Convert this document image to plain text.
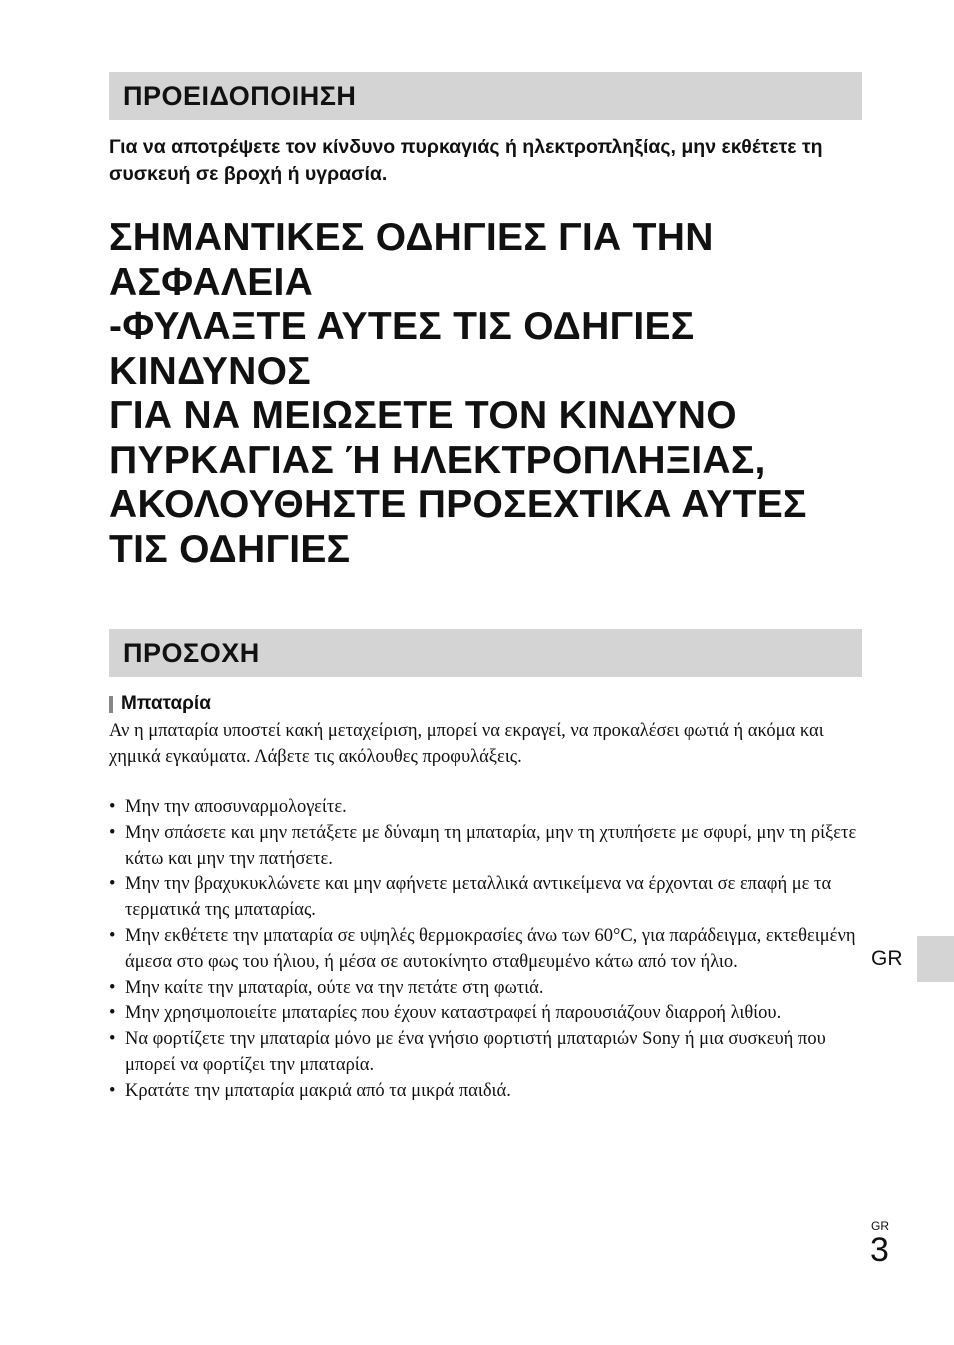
ΠΡΟΕΙΔΟΠΟΙΗΣΗ
Για να αποτρέψετε τον κίνδυνο πυρκαγιάς ή ηλεκτροπληξίας, μην εκθέτετε τη συσκευή σε βροχή ή υγρασία.
ΣΗΜΑΝΤΙΚΕΣ ΟΔΗΓΙΕΣ ΓΙΑ ΤΗΝ
ΑΣΦΑΛΕΙΑ
-ΦΥΛΑΞΤΕ ΑΥΤΕΣ ΤΙΣ ΟΔΗΓΙΕΣ
ΚΙΝΔΥΝΟΣ
ΓΙΑ ΝΑ ΜΕΙΩΣΕΤΕ ΤΟΝ ΚΙΝΔΥΝΟ
ΠΥΡΚΑΓΙΑΣ Ή ΗΛΕΚΤΡΟΠΛΗΞΙΑΣ,
ΑΚΟΛΟΥΘΗΣΤΕ ΠΡΟΣΕΧΤΙΚΑ ΑΥΤΕΣ
ΤΙΣ ΟΔΗΓΙΕΣ
ΠΡΟΣΟΧΗ
Μπαταρία
Αν η μπαταρία υποστεί κακή μεταχείριση, μπορεί να εκραγεί, να προκαλέσει φωτιά ή ακόμα και χημικά εγκαύματα. Λάβετε τις ακόλουθες προφυλάξεις.
• Μην την αποσυναρμολογείτε.
• Μην σπάσετε και μην πετάξετε με δύναμη τη μπαταρία, μην τη χτυπήσετε με σφυρί, μην τη ρίξετε κάτω και μην την πατήσετε.
• Μην την βραχυκυκλώνετε και μην αφήνετε μεταλλικά αντικείμενα να έρχονται σε επαφή με τα τερματικά της μπαταρίας.
• Μην εκθέτετε την μπαταρία σε υψηλές θερμοκρασίες άνω των 60°C, για παράδειγμα, εκτεθειμένη άμεσα στο φως του ήλιου, ή μέσα σε αυτοκίνητο σταθμευμένο κάτω από τον ήλιο.
• Μην καίτε την μπαταρία, ούτε να την πετάτε στη φωτιά.
• Μην χρησιμοποιείτε μπαταρίες που έχουν καταστραφεί ή παρουσιάζουν διαρροή λιθίου.
• Να φορτίζετε την μπαταρία μόνο με ένα γνήσιο φορτιστή μπαταριών Sony ή μια συσκευή που μπορεί να φορτίζει την μπαταρία.
• Κρατάτε την μπαταρία μακριά από τα μικρά παιδιά.
GR
GR
3
